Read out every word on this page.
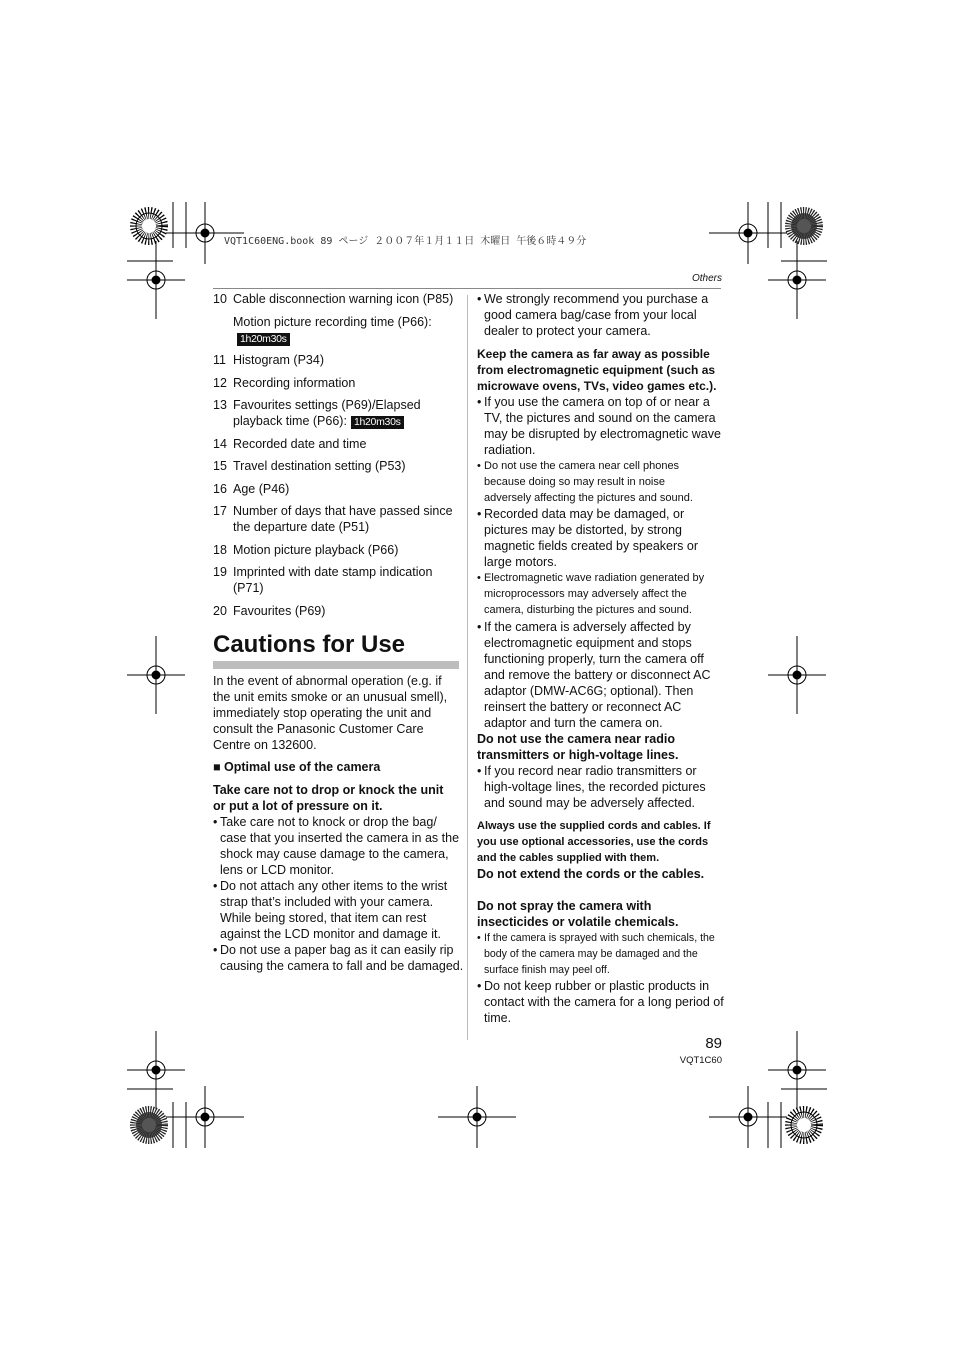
VQT1C60ENG.book 89 ページ ２００７年１月１１日 木曜日 午後６時４９分
Others
10 Cable disconnection warning icon (P85)
Motion picture recording time (P66):1h20m30s
11 Histogram (P34)
12 Recording information
13 Favourites settings (P69)/Elapsed playback time (P66): 1h20m30s
14 Recorded date and time
15 Travel destination setting (P53)
16 Age (P46)
17 Number of days that have passed since the departure date (P51)
18 Motion picture playback (P66)
19 Imprinted with date stamp indication (P71)
20 Favourites (P69)
Cautions for Use
In the event of abnormal operation (e.g. if the unit emits smoke or an unusual smell), immediately stop operating the unit and consult the Panasonic Customer Care Centre on 132600.
■ Optimal use of the camera
Take care not to drop or knock the unit or put a lot of pressure on it.
• Take care not to knock or drop the bag/ case that you inserted the camera in as the shock may cause damage to the camera, lens or LCD monitor.
• Do not attach any other items to the wrist strap that’s included with your camera. While being stored, that item can rest against the LCD monitor and damage it.
• Do not use a paper bag as it can easily rip causing the camera to fall and be damaged.
• We strongly recommend you purchase a good camera bag/case from your local dealer to protect your camera.
Keep the camera as far away as possible from electromagnetic equipment (such as microwave ovens, TVs, video games etc.).
• If you use the camera on top of or near a TV, the pictures and sound on the camera may be disrupted by electromagnetic wave radiation.
• Do not use the camera near cell phones because doing so may result in noise adversely affecting the pictures and sound.
• Recorded data may be damaged, or pictures may be distorted, by strong magnetic fields created by speakers or large motors.
• Electromagnetic wave radiation generated by microprocessors may adversely affect the camera, disturbing the pictures and sound.
• If the camera is adversely affected by electromagnetic equipment and stops functioning properly, turn the camera off and remove the battery or disconnect AC adaptor (DMW-AC6G; optional). Then reinsert the battery or reconnect AC adaptor and turn the camera on.
Do not use the camera near radio transmitters or high-voltage lines.
• If you record near radio transmitters or high-voltage lines, the recorded pictures and sound may be adversely affected.
Always use the supplied cords and cables. If you use optional accessories, use the cords and the cables supplied with them.
Do not extend the cords or the cables.
Do not spray the camera with insecticides or volatile chemicals.
• If the camera is sprayed with such chemicals, the body of the camera may be damaged and the surface finish may peel off.
• Do not keep rubber or plastic products in contact with the camera for a long period of time.
89
VQT1C60
